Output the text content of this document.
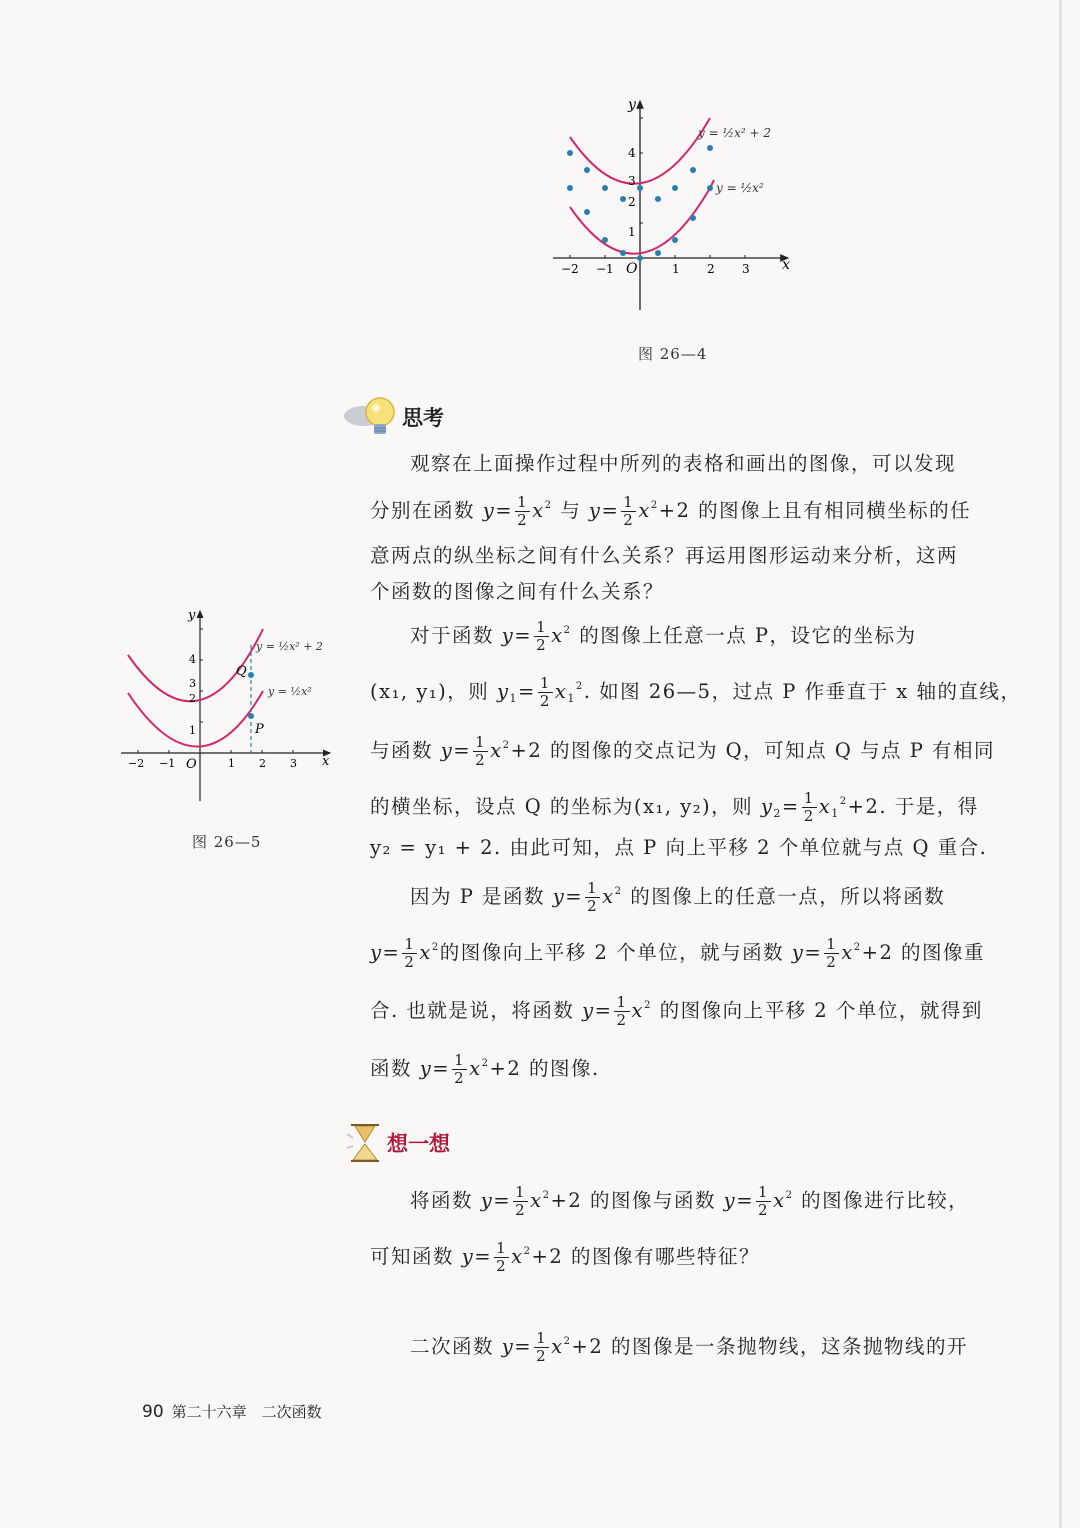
y
x
O
−2 −1	1 2 3
1
2
3
4
y = ½x² + 2
y = ½x²
图 26—4
思考
观察在上面操作过程中所列的表格和画出的图像，可以发现
分别在函数 $y= \frac{1}{2} x^2$ 与 $y= \frac{1}{2} x^2+2$ 的图像上且有相同横坐标的任
意两点的纵坐标之间有什么关系？再运用图形运动来分析，这两
个函数的图像之间有什么关系？
y
x
O
Q
P
−2 −1	1 2 3
1
2
3
4
y = ½x² + 2
y = ½x²
图 26—5
对于函数 $y= \frac{1}{2} x^2$ 的图像上任意一点 P，设它的坐标为
(x₁, y₁)，则 $y_1= \frac{1}{2} x_1^2$. 如图 26—5，过点 P 作垂直于 x 轴的直线，
与函数 $y= \frac{1}{2} x^2+2$ 的图像的交点记为 Q，可知点 Q 与点 P 有相同
的横坐标，设点 Q 的坐标为(x₁, y₂)，则 $y_2= \frac{1}{2} x_1^2+2$. 于是，得
y₂ = y₁ + 2. 由此可知，点 P 向上平移 2 个单位就与点 Q 重合.
因为 P 是函数 $y= \frac{1}{2} x^2$ 的图像上的任意一点，所以将函数
$y= \frac{1}{2} x^2$的图像向上平移 2 个单位，就与函数 $y= \frac{1}{2} x^2+2$ 的图像重
合. 也就是说，将函数 $y= \frac{1}{2} x^2$ 的图像向上平移 2 个单位，就得到
函数 $y= \frac{1}{2} x^2+2$ 的图像.
想一想
将函数 $y= \frac{1}{2} x^2+2$ 的图像与函数 $y= \frac{1}{2} x^2$ 的图像进行比较，
可知函数 $y= \frac{1}{2} x^2+2$ 的图像有哪些特征？
二次函数 $y= \frac{1}{2} x^2+2$ 的图像是一条抛物线，这条抛物线的开
90 第二十六章　二次函数
